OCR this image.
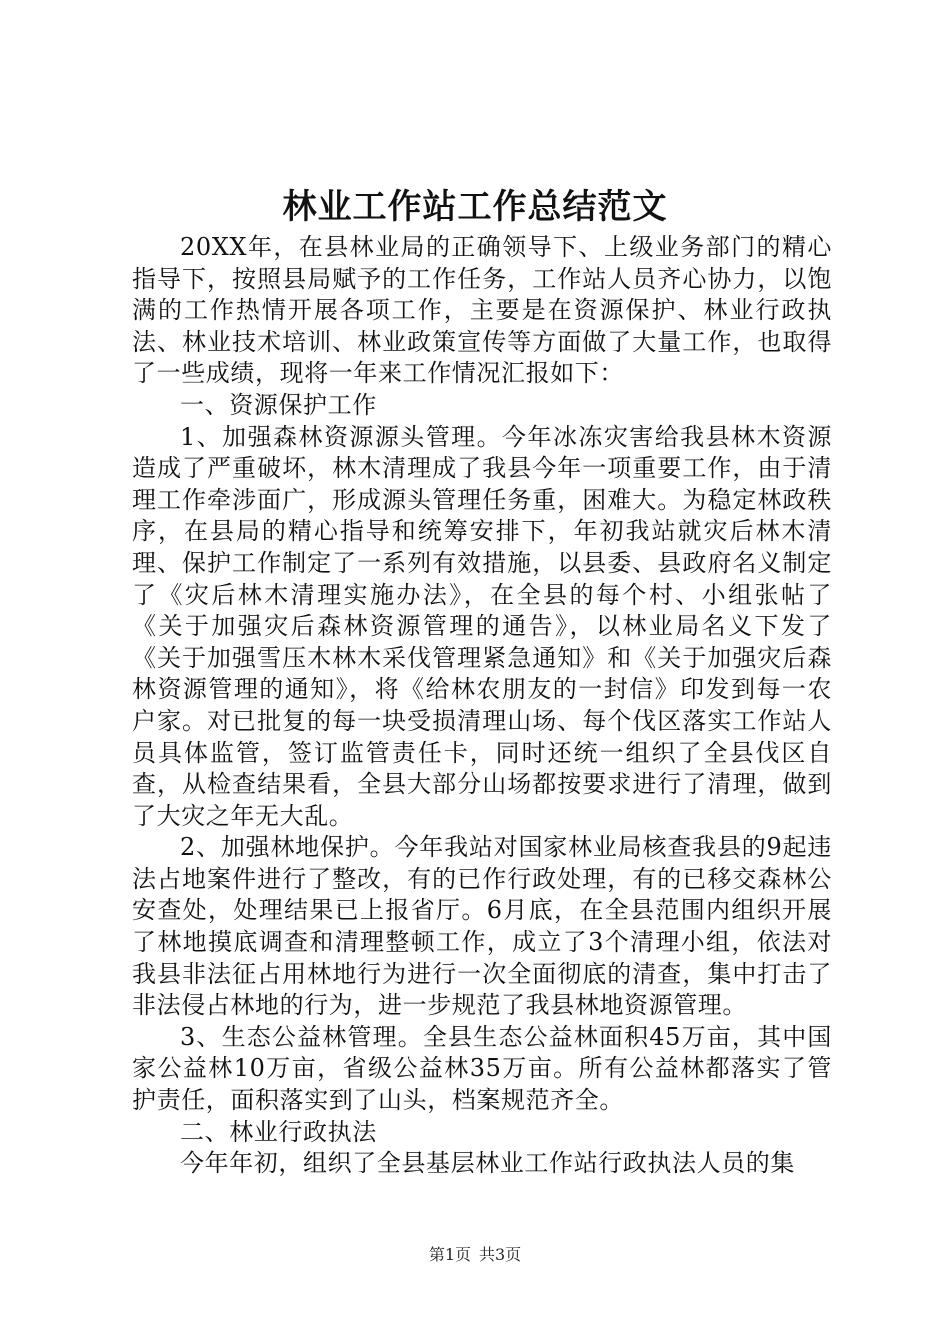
林业工作站工作总结范文

20XX年，在县林业局的正确领导下、上级业务部门的精心指导下，按照县局赋予的工作任务，工作站人员齐心协力，以饱满的工作热情开展各项工作，主要是在资源保护、林业行政执法、林业技术培训、林业政策宣传等方面做了大量工作，也取得了一些成绩，现将一年来工作情况汇报如下：

一、资源保护工作

1、加强森林资源源头管理。今年冰冻灾害给我县林木资源造成了严重破坏，林木清理成了我县今年一项重要工作，由于清理工作牵涉面广，形成源头管理任务重，困难大。为稳定林政秩序，在县局的精心指导和统筹安排下，年初我站就灾后林木清理、保护工作制定了一系列有效措施，以县委、县政府名义制定了《灾后林木清理实施办法》，在全县的每个村、小组张帖了《关于加强灾后森林资源管理的通告》，以林业局名义下发了《关于加强雪压木林木采伐管理紧急通知》和《关于加强灾后森林资源管理的通知》，将《给林农朋友的一封信》印发到每一农户家。对已批复的每一块受损清理山场、每个伐区落实工作站人员具体监管，签订监管责任卡，同时还统一组织了全县伐区自查，从检查结果看，全县大部分山场都按要求进行了清理，做到了大灾之年无大乱。

2、加强林地保护。今年我站对国家林业局核查我县的9起违法占地案件进行了整改，有的已作行政处理，有的已移交森林公安查处，处理结果已上报省厅。6月底，在全县范围内组织开展了林地摸底调查和清理整顿工作，成立了3个清理小组，依法对我县非法征占用林地行为进行一次全面彻底的清查，集中打击了非法侵占林地的行为，进一步规范了我县林地资源管理。

3、生态公益林管理。全县生态公益林面积45万亩，其中国家公益林10万亩，省级公益林35万亩。所有公益林都落实了管护责任，面积落实到了山头，档案规范齐全。

二、林业行政执法

今年年初，组织了全县基层林业工作站行政执法人员的集

第1页 共3页
